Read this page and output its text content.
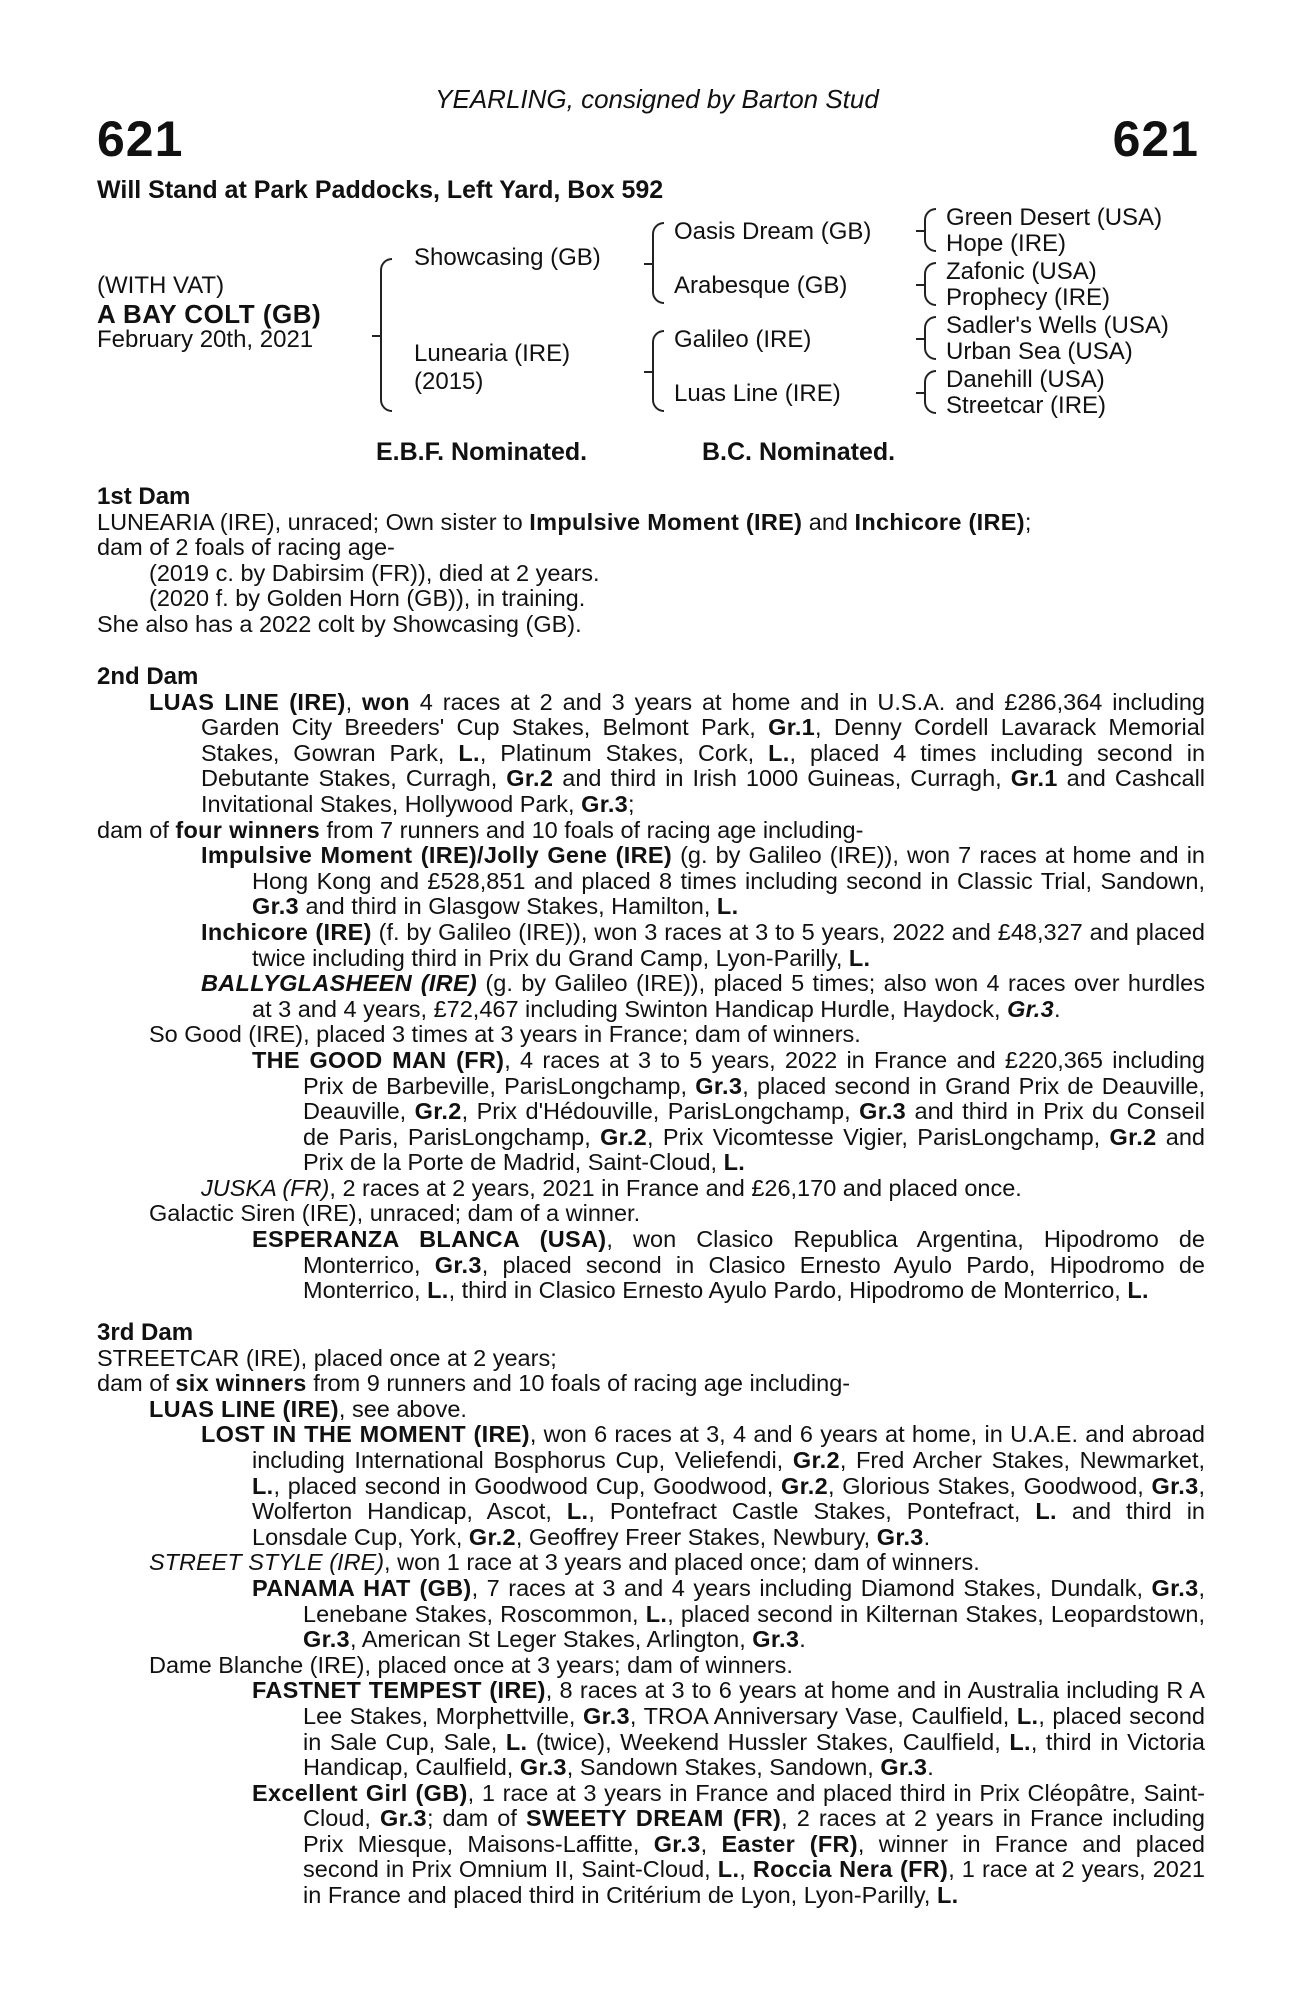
YEARLING, consigned by Barton Stud
621	621
Will Stand at Park Paddocks, Left Yard, Box 592
(WITH VAT)
A BAY COLT (GB)
February 20th, 2021
Showcasing (GB)
Lunearia (IRE)
(2015)
Oasis Dream (GB)
Arabesque (GB)
Galileo (IRE)
Luas Line (IRE)
Green Desert (USA)
Hope (IRE)
Zafonic (USA)
Prophecy (IRE)
Sadler's Wells (USA)
Urban Sea (USA)
Danehill (USA)
Streetcar (IRE)
E.B.F. Nominated.	B.C. Nominated.

1st Dam

LUNEARIA (IRE), unraced; Own sister to Impulsive Moment (IRE) and Inchicore (IRE);

dam of 2 foals of racing age-

(2019 c. by Dabirsim (FR)), died at 2 years.

(2020 f. by Golden Horn (GB)), in training.

She also has a 2022 colt by Showcasing (GB).

2nd Dam

LUAS LINE (IRE), won 4 races at 2 and 3 years at home and in U.S.A. and £286,364 including Garden City Breeders' Cup Stakes, Belmont Park, Gr.1, Denny Cordell Lavarack Memorial Stakes, Gowran Park, L., Platinum Stakes, Cork, L., placed 4 times including second in Debutante Stakes, Curragh, Gr.2 and third in Irish 1000 Guineas, Curragh, Gr.1 and Cashcall Invitational Stakes, Hollywood Park, Gr.3;

dam of four winners from 7 runners and 10 foals of racing age including-

Impulsive Moment (IRE)/Jolly Gene (IRE) (g. by Galileo (IRE)), won 7 races at home and in Hong Kong and £528,851 and placed 8 times including second in Classic Trial, Sandown, Gr.3 and third in Glasgow Stakes, Hamilton, L.

Inchicore (IRE) (f. by Galileo (IRE)), won 3 races at 3 to 5 years, 2022 and £48,327 and placed twice including third in Prix du Grand Camp, Lyon-Parilly, L.

BALLYGLASHEEN (IRE) (g. by Galileo (IRE)), placed 5 times; also won 4 races over hurdles at 3 and 4 years, £72,467 including Swinton Handicap Hurdle, Haydock, Gr.3.

So Good (IRE), placed 3 times at 3 years in France; dam of winners.

THE GOOD MAN (FR), 4 races at 3 to 5 years, 2022 in France and £220,365 including Prix de Barbeville, ParisLongchamp, Gr.3, placed second in Grand Prix de Deauville, Deauville, Gr.2, Prix d'Hédouville, ParisLongchamp, Gr.3 and third in Prix du Conseil de Paris, ParisLongchamp, Gr.2, Prix Vicomtesse Vigier, ParisLongchamp, Gr.2 and Prix de la Porte de Madrid, Saint-Cloud, L.

JUSKA (FR), 2 races at 2 years, 2021 in France and £26,170 and placed once.

Galactic Siren (IRE), unraced; dam of a winner.

ESPERANZA BLANCA (USA), won Clasico Republica Argentina, Hipodromo de Monterrico, Gr.3, placed second in Clasico Ernesto Ayulo Pardo, Hipodromo de Monterrico, L., third in Clasico Ernesto Ayulo Pardo, Hipodromo de Monterrico, L.

3rd Dam

STREETCAR (IRE), placed once at 2 years;

dam of six winners from 9 runners and 10 foals of racing age including-

LUAS LINE (IRE), see above.

LOST IN THE MOMENT (IRE), won 6 races at 3, 4 and 6 years at home, in U.A.E. and abroad including International Bosphorus Cup, Veliefendi, Gr.2, Fred Archer Stakes, Newmarket, L., placed second in Goodwood Cup, Goodwood, Gr.2, Glorious Stakes, Goodwood, Gr.3, Wolferton Handicap, Ascot, L., Pontefract Castle Stakes, Pontefract, L. and third in Lonsdale Cup, York, Gr.2, Geoffrey Freer Stakes, Newbury, Gr.3.

STREET STYLE (IRE), won 1 race at 3 years and placed once; dam of winners.

PANAMA HAT (GB), 7 races at 3 and 4 years including Diamond Stakes, Dundalk, Gr.3, Lenebane Stakes, Roscommon, L., placed second in Kilternan Stakes, Leopardstown, Gr.3, American St Leger Stakes, Arlington, Gr.3.

Dame Blanche (IRE), placed once at 3 years; dam of winners.

FASTNET TEMPEST (IRE), 8 races at 3 to 6 years at home and in Australia including R A Lee Stakes, Morphettville, Gr.3, TROA Anniversary Vase, Caulfield, L., placed second in Sale Cup, Sale, L. (twice), Weekend Hussler Stakes, Caulfield, L., third in Victoria Handicap, Caulfield, Gr.3, Sandown Stakes, Sandown, Gr.3.

Excellent Girl (GB), 1 race at 3 years in France and placed third in Prix Cléopâtre, Saint-Cloud, Gr.3; dam of SWEETY DREAM (FR), 2 races at 2 years in France including Prix Miesque, Maisons-Laffitte, Gr.3, Easter (FR), winner in France and placed second in Prix Omnium II, Saint-Cloud, L., Roccia Nera (FR), 1 race at 2 years, 2021 in France and placed third in Critérium de Lyon, Lyon-Parilly, L.
